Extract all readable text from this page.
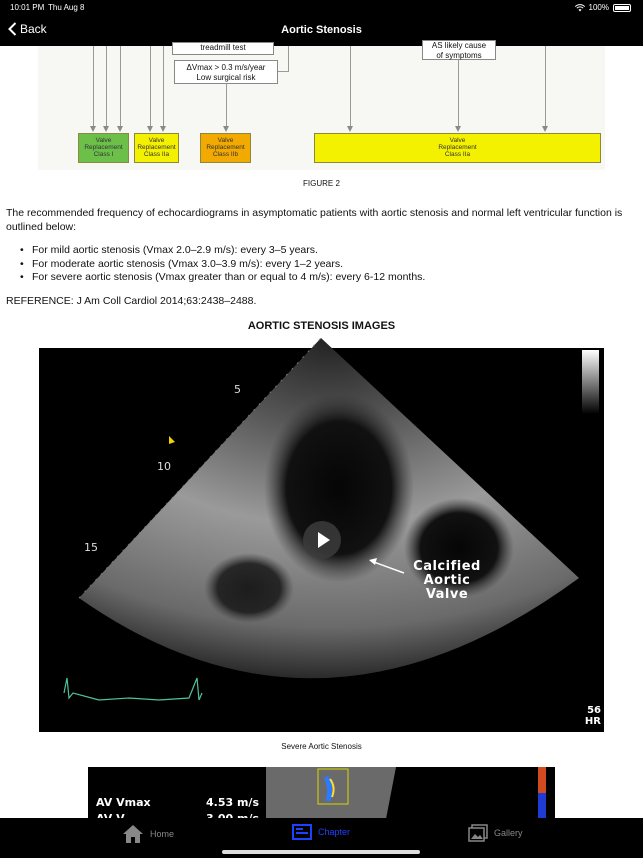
10:01 PM Thu Aug 8	100%
Back	Aortic Stenosis
treadmill test
ΔVmax > 0.3 m/s/year
Low surgical risk
AS likely cause
of symptoms
Valve
Replacement
Class I
Valve
Replacement
Class IIa
Valve
Replacement
Class IIb
Valve
Replacement
Class IIa
FIGURE 2

The recommended frequency of echocardiograms in asymptomatic patients with aortic stenosis and normal left ventricular function is outlined below:

• For mild aortic stenosis (Vmax 2.0–2.9 m/s): every 3–5 years.
• For moderate aortic stenosis (Vmax 3.0–3.9 m/s): every 1–2 years.
• For severe aortic stenosis (Vmax greater than or equal to 4 m/s): every 6-12 months.

REFERENCE: J Am Coll Cardiol 2014;63:2438–2488.

AORTIC STENOSIS IMAGES
5
10
15
Calcified
Aortic
Valve
56
HR
Severe Aortic Stenosis
AV Vmax	4.53 m/s
Home	Chapter	Gallery
